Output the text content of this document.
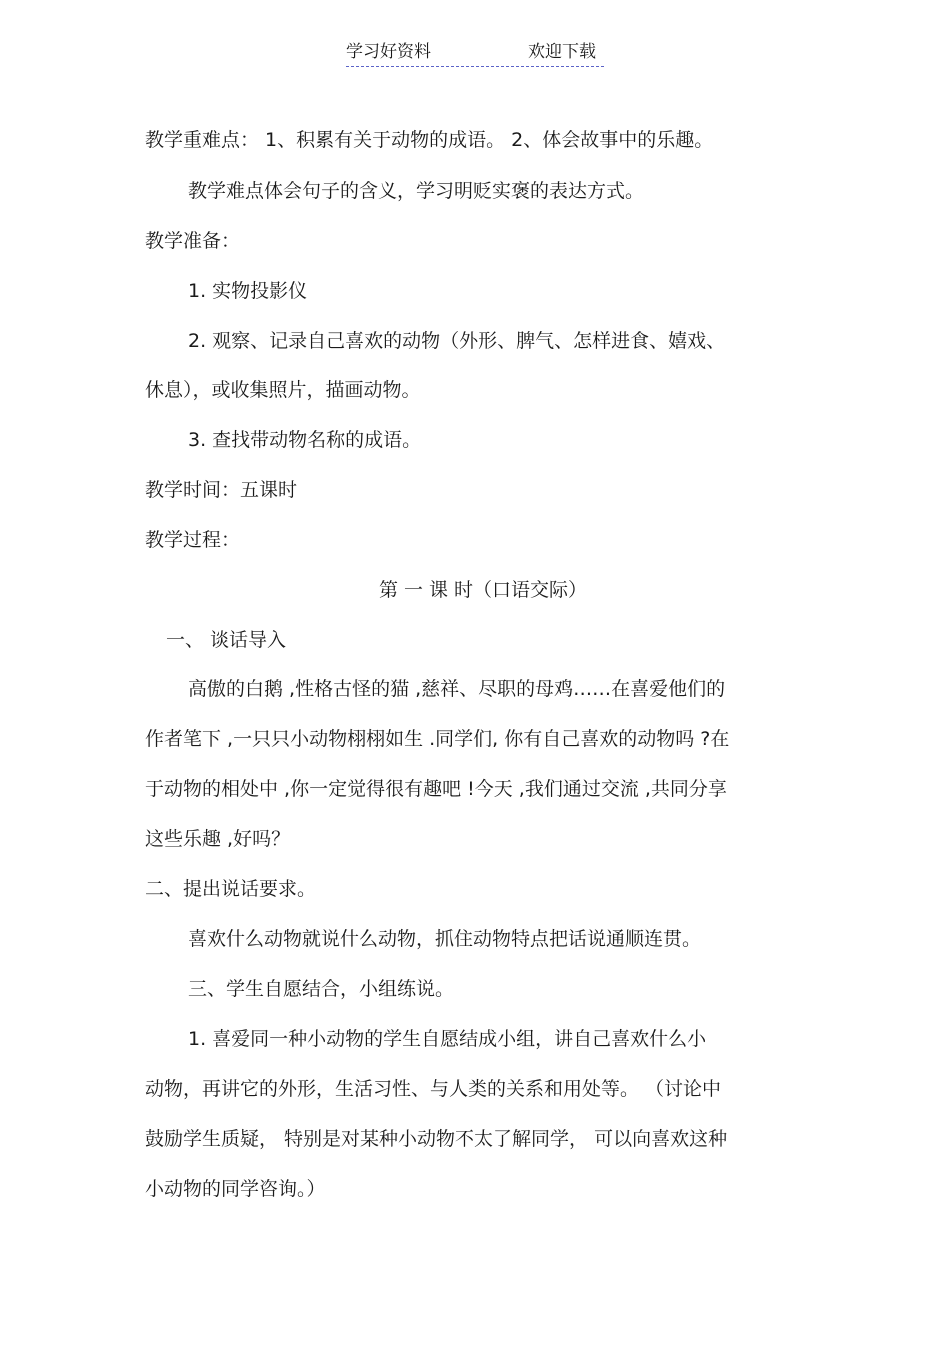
学习好资料	欢迎下载
教学重难点： 1、积累有关于动物的成语。 2、体会故事中的乐趣。
教学难点体会句子的含义，学习明贬实褒的表达方式。
教学准备：
1. 实物投影仪
2. 观察、记录自己喜欢的动物（外形、脾气、怎样进食、嬉戏、
休息），或收集照片，描画动物。
3. 查找带动物名称的成语。
教学时间：五课时
教学过程：
第 一 课 时（口语交际）
一、 谈话导入
高傲的白鹅 ,性格古怪的猫 ,慈祥、尽职的母鸡……在喜爱他们的
作者笔下 ,一只只小动物栩栩如生 .同学们, 你有自己喜欢的动物吗 ?在
于动物的相处中 ,你一定觉得很有趣吧 !今天 ,我们通过交流 ,共同分享
这些乐趣 ,好吗？
二、提出说话要求。
喜欢什么动物就说什么动物，抓住动物特点把话说通顺连贯。
三、学生自愿结合，小组练说。
1. 喜爱同一种小动物的学生自愿结成小组，讲自己喜欢什么小
动物，再讲它的外形，生活习性、与人类的关系和用处等。 （讨论中
鼓励学生质疑， 特别是对某种小动物不太了解同学， 可以向喜欢这种
小动物的同学咨询。）
